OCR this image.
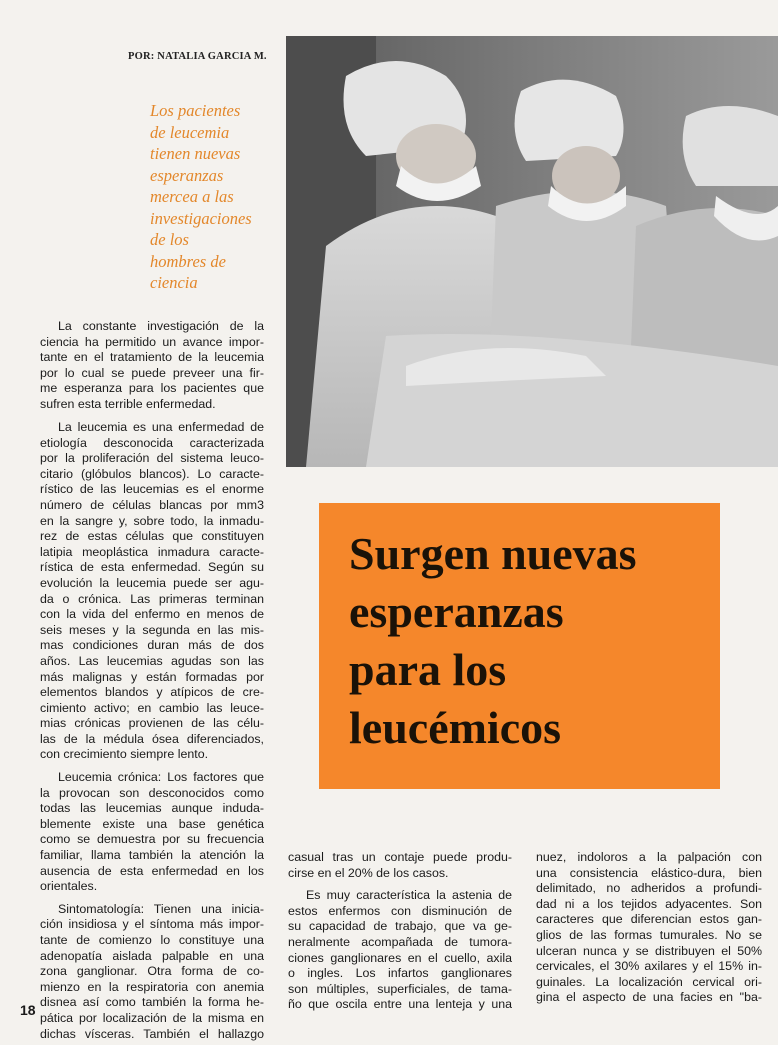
POR: NATALIA GARCIA M.
Los pacientes
de leucemia
tienen nuevas
esperanzas
mercea a las
investigaciones
de los
hombres de
ciencia
La constante investigación de la
ciencia ha permitido un avance impor-
tante en el tratamiento de la leucemia
por lo cual se puede preveer una fir-
me esperanza para los pacientes que
sufren esta terrible enfermedad.
La leucemia es una enfermedad de
etiología desconocida caracterizada
por la proliferación del sistema leuco-
citario (glóbulos blancos). Lo caracte-
rístico de las leucemias es el enorme
número de células blancas por mm3
en la sangre y, sobre todo, la inmadu-
rez de estas células que constituyen
latipia meoplástica inmadura caracte-
rística de esta enfermedad. Según su
evolución la leucemia puede ser agu-
da o crónica. Las primeras terminan
con la vida del enfermo en menos de
seis meses y la segunda en las mis-
mas condiciones duran más de dos
años. Las leucemias agudas son las
más malignas y están formadas por
elementos blandos y atípicos de cre-
cimiento activo; en cambio las leuce-
mias crónicas provienen de las célu-
las de la médula ósea diferenciados,
con crecimiento siempre lento.
Leucemia crónica: Los factores que
la provocan son desconocidos como
todas las leucemias aunque induda-
blemente existe una base genética
como se demuestra por su frecuencia
familiar, llama también la atención la
ausencia de esta enfermedad en los
orientales.
Sintomatología: Tienen una inicia-
ción insidiosa y el síntoma más impor-
tante de comienzo lo constituye una
adenopatía aislada palpable en una
zona ganglionar. Otra forma de co-
mienzo en la respiratoria con anemia
disnea así como también la forma he-
pática por localización de la misma en
dichas vísceras. También el hallazgo
Surgen nuevas
esperanzas
para los
leucémicos
casual tras un contaje puede produ-
cirse en el 20% de los casos.
Es muy característica la astenia de
estos enfermos con disminución de
su capacidad de trabajo, que va ge-
neralmente acompañada de tumora-
ciones ganglionares en el cuello, axila
o ingles. Los infartos ganglionares
son múltiples, superficiales, de tama-
ño que oscila entre una lenteja y una
nuez, indoloros a la palpación con
una consistencia elástico-dura, bien
delimitado, no adheridos a profundi-
dad ni a los tejidos adyacentes. Son
caracteres que diferencian estos gan-
glios de las formas tumurales. No se
ulceran nunca y se distribuyen el 50%
cervicales, el 30% axilares y el 15% in-
guinales. La localización cervical ori-
gina el aspecto de una facies en "ba-
18
